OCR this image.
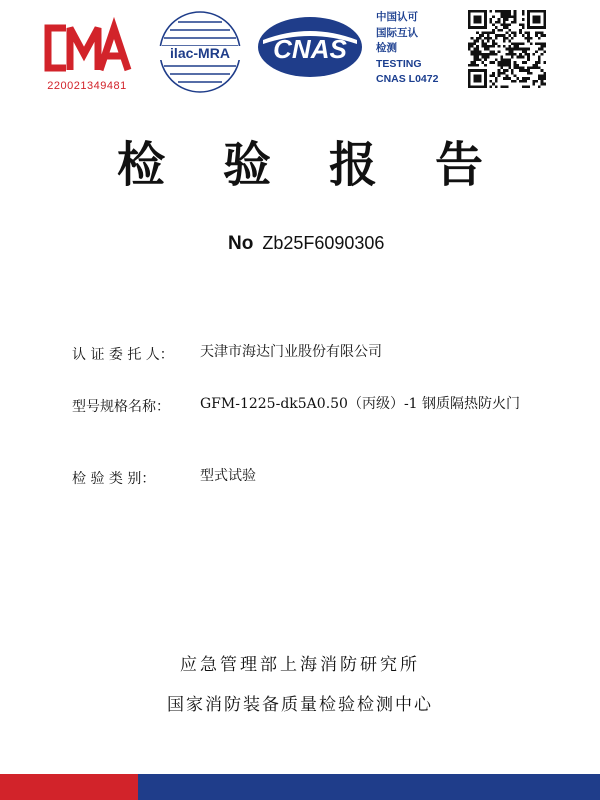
220021349481
ilac-MRA CNAS
中国认可
国际互认
检测
TESTING
CNAS L0472
检 验 报 告
No Zb25F6090306
认 证 委 托 人：	天津市海达门业股份有限公司
型号规格名称：	GFM-1225-dk5A0.50（丙级）-1 钢质隔热防火门
检 验 类 别：	型式试验
应急管理部上海消防研究所
国家消防装备质量检验检测中心
